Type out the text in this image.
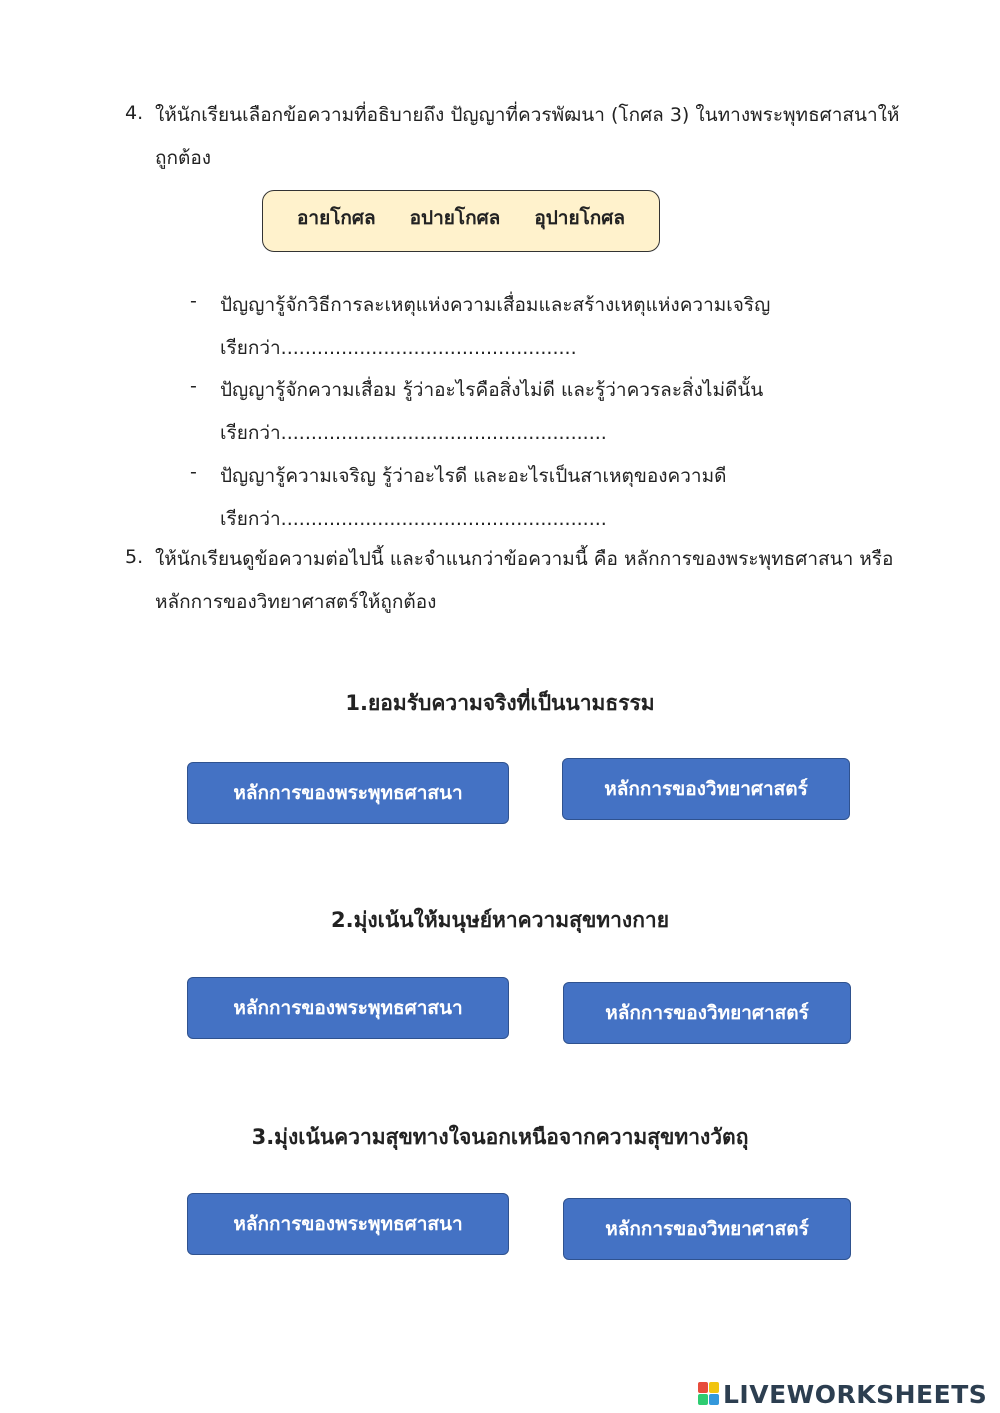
4. ให้นักเรียนเลือกข้อความที่อธิบายถึง ปัญญาที่ควรพัฒนา (โกศล 3) ในทางพระพุทธศาสนาให้
ถูกต้อง
อายโกศล อปายโกศล อุปายโกศล
- ปัญญารู้จักวิธีการละเหตุแห่งความเสื่อมและสร้างเหตุแห่งความเจริญ
เรียกว่า.................................................
- ปัญญารู้จักความเสื่อม รู้ว่าอะไรคือสิ่งไม่ดี และรู้ว่าควรละสิ่งไม่ดีนั้น
เรียกว่า......................................................
- ปัญญารู้ความเจริญ รู้ว่าอะไรดี และอะไรเป็นสาเหตุของความดี
เรียกว่า......................................................
5. ให้นักเรียนดูข้อความต่อไปนี้ และจำแนกว่าข้อความนี้ คือ หลักการของพระพุทธศาสนา หรือ
หลักการของวิทยาศาสตร์ให้ถูกต้อง
1.ยอมรับความจริงที่เป็นนามธรรม
หลักการของพระพุทธศาสนา	หลักการของวิทยาศาสตร์
2.มุ่งเน้นให้มนุษย์หาความสุขทางกาย
หลักการของพระพุทธศาสนา	หลักการของวิทยาศาสตร์
3.มุ่งเน้นความสุขทางใจนอกเหนือจากความสุขทางวัตถุ
หลักการของพระพุทธศาสนา	หลักการของวิทยาศาสตร์
LIVEWORKSHEETS
